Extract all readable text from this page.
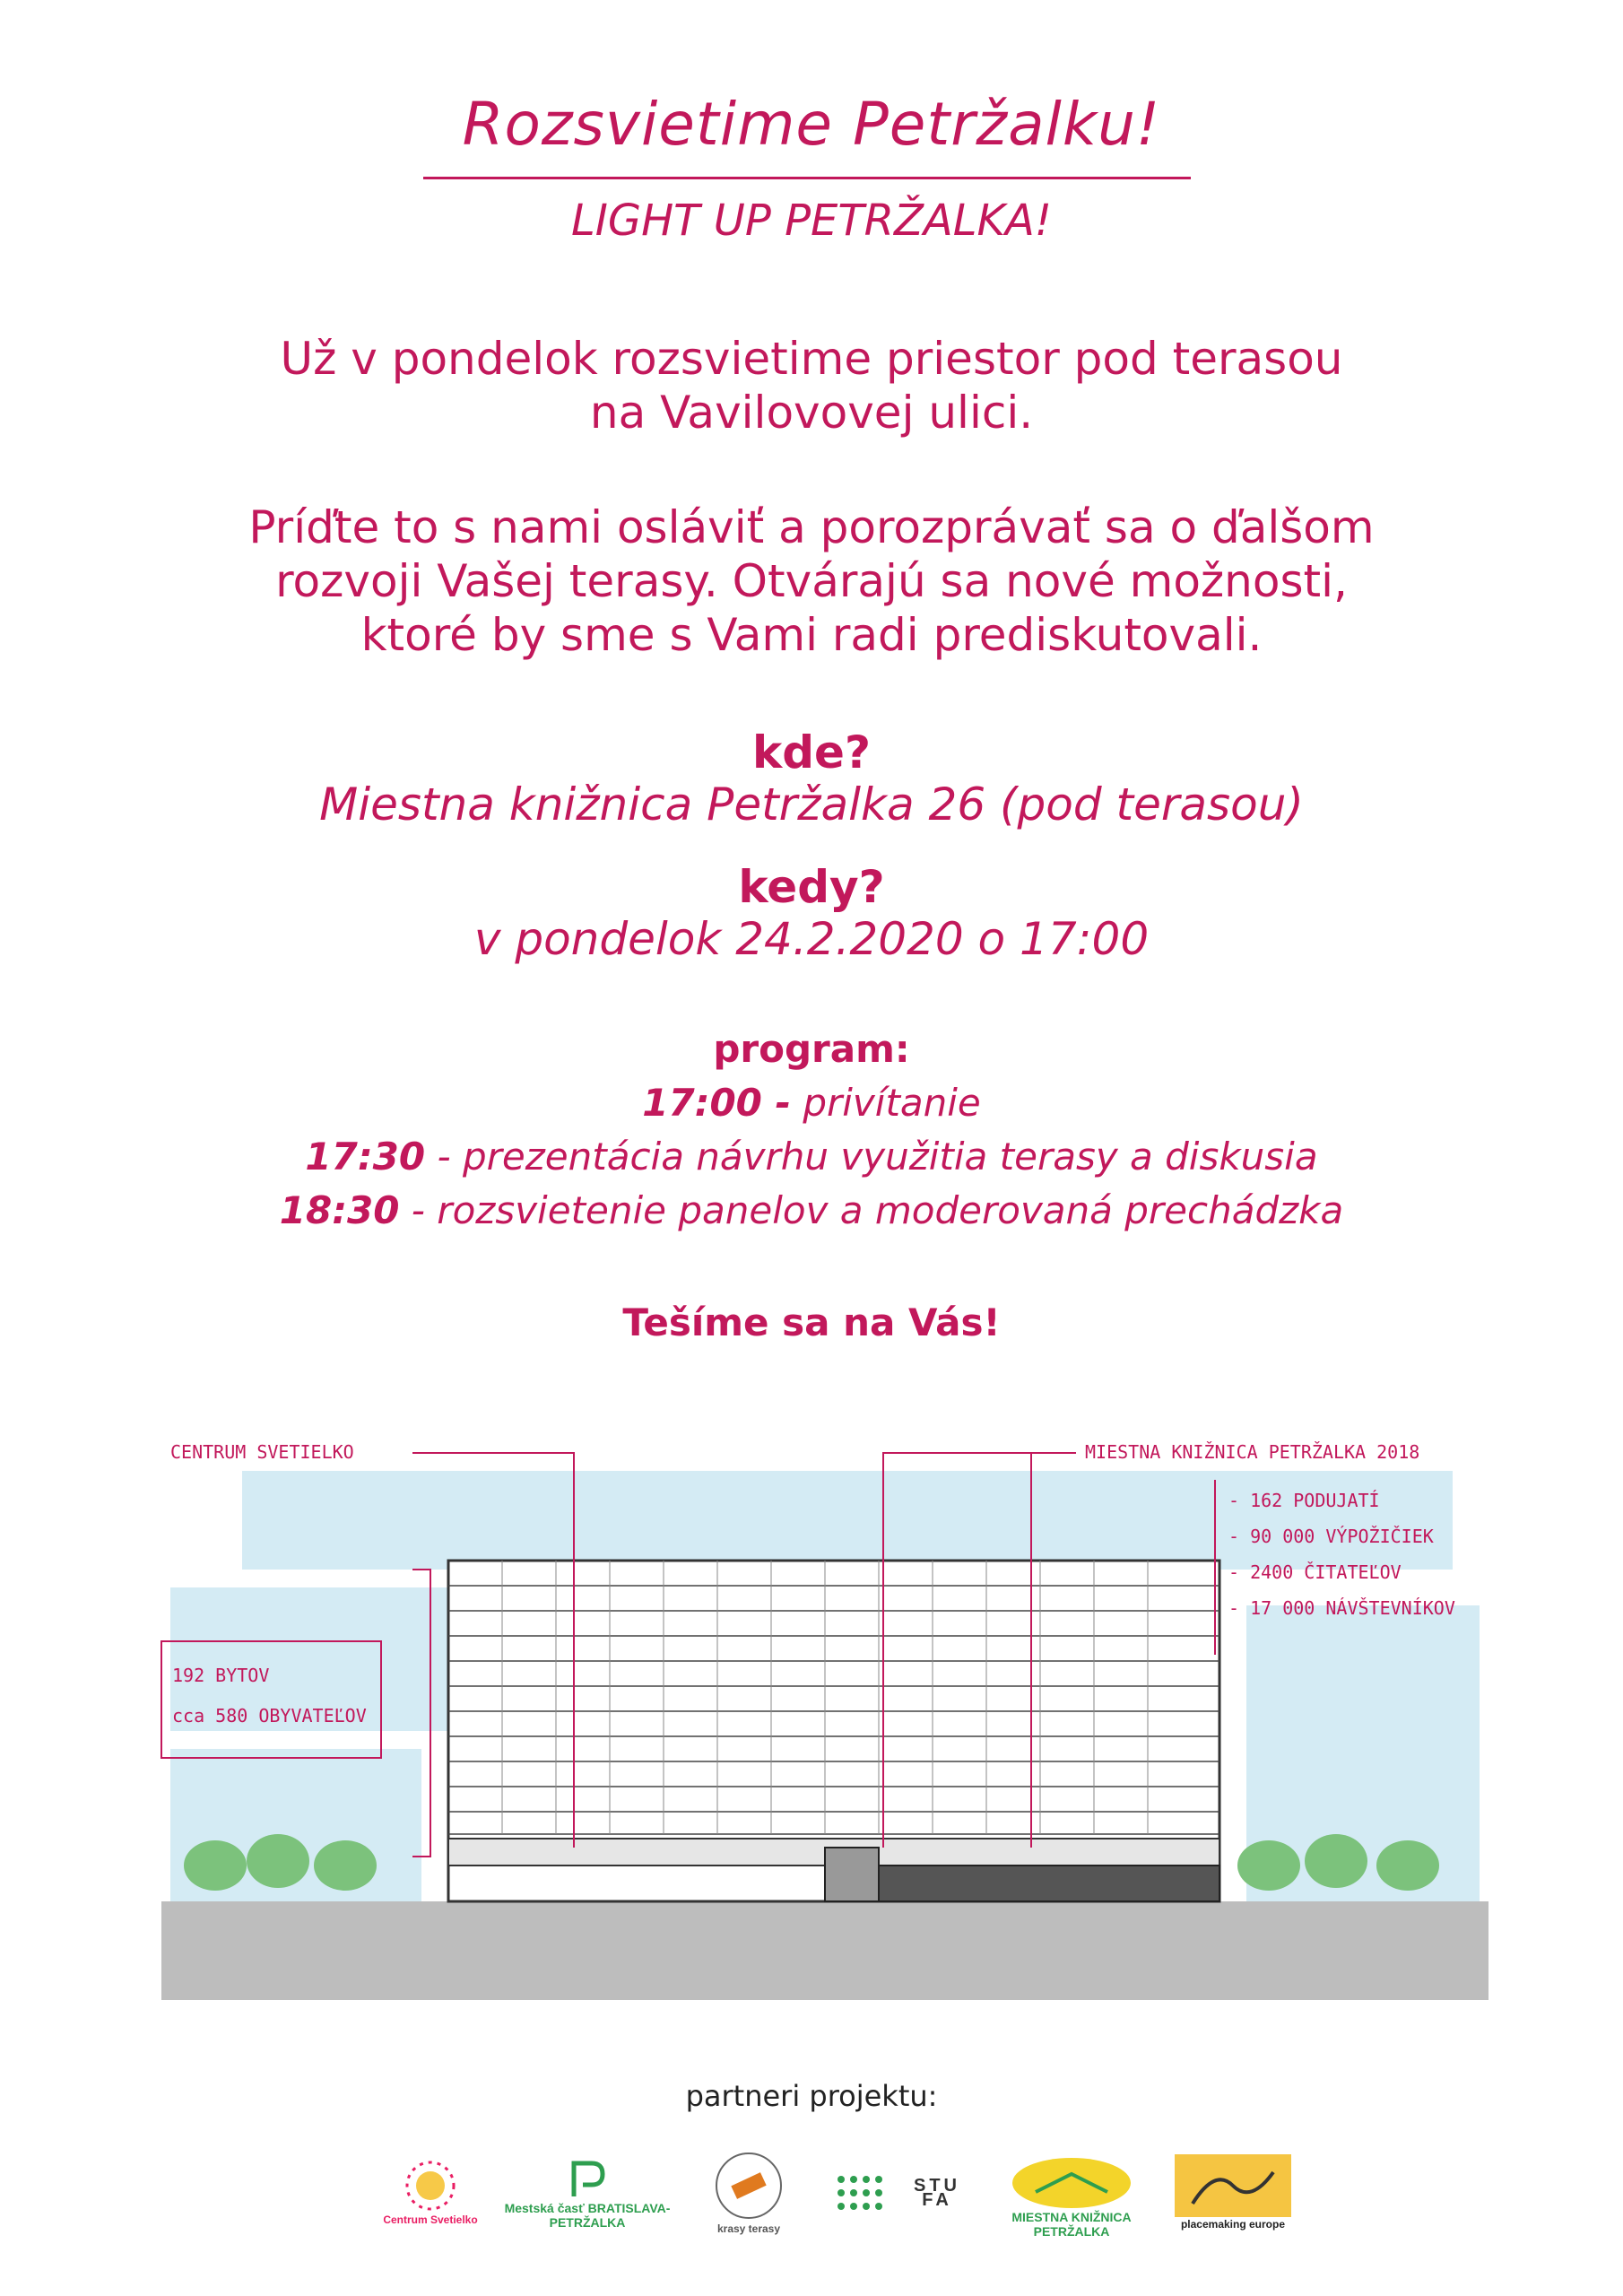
Rozsvietime Petržalku!
LIGHT UP PETRŽALKA!
Už v pondelok rozsvietime priestor pod terasou
na Vavilovovej ulici.
Príďte to s nami osláviť a porozprávať sa o ďalšom
rozvoji Vašej terasy. Otvárajú sa nové možnosti,
ktoré by sme s Vami radi prediskutovali.
kde?
Miestna knižnica Petržalka 26 (pod terasou)
kedy?
v pondelok 24.2.2020 o 17:00
program:
17:00 - privítanie
17:30 - prezentácia návrhu využitia terasy a diskusia
18:30 - rozsvietenie panelov a moderovaná prechádzka
Tešíme sa na Vás!
CENTRUM SVETIELKO	MIESTNA KNIŽNICA PETRŽALKA 2018
- 162 PODUJATÍ
- 90 000 VÝPOŽIČIEK
- 2400 ČITATEĽOV
- 17 000 NÁVŠTEVNÍKOV
192 BYTOV
cca 580 OBYVATEĽOV
partneri projektu:
Centrum Svetielko
Mestská časť BRATISLAVA-PETRŽALKA	krasy terasy
STU FA
MIESTNA KNIŽNICA PETRŽALKA	placemaking europe
